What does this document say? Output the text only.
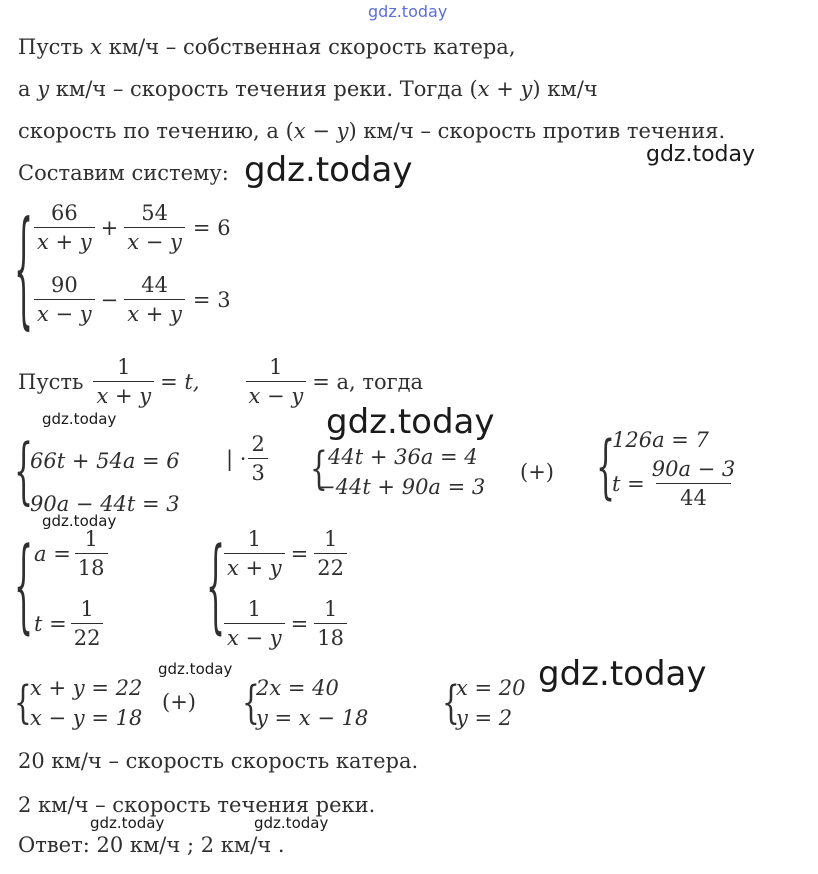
gdz.today
Пусть x км/ч – собственная скорость катера,
а y км/ч – скорость течения реки. Тогда (x + y) км/ч
скорость по течению, а (x − y) км/ч – скорость против течения.
gdz.today
Составим систему: gdz.today
{ $\frac{66}{x + y} + \frac{54}{x - y} = 6$
$\frac{90}{x - y} - \frac{44}{x + y} = 3$
Пусть $\frac{1}{x + y} = t$, $\frac{1}{x - y} = a$, тогда
gdz.today	gdz.today
{
66t + 54a = 6
90a − 44t = 3
| · $\frac{2}{3}$ { 44t + 36a = 4
−44t + 90a = 3
(+) {
126a = 7
$t = \frac{90a - 3}{44}$
gdz.today
{ $a = \frac{1}{18}$
$t = \frac{1}{22}$	{
$\frac{1}{x + y} = \frac{1}{22}$
$\frac{1}{x - y} = \frac{1}{18}$
gdz.today
{
x + y = 22
x − y = 18
(+) {
2x = 40
y = x − 18	{
x = 20
y = 2
gdz.today
20 км/ч – скорость скорость катера.
2 км/ч – скорость течения реки.
gdz.today	gdz.today
Ответ: 20 км/ч ; 2 км/ч .
